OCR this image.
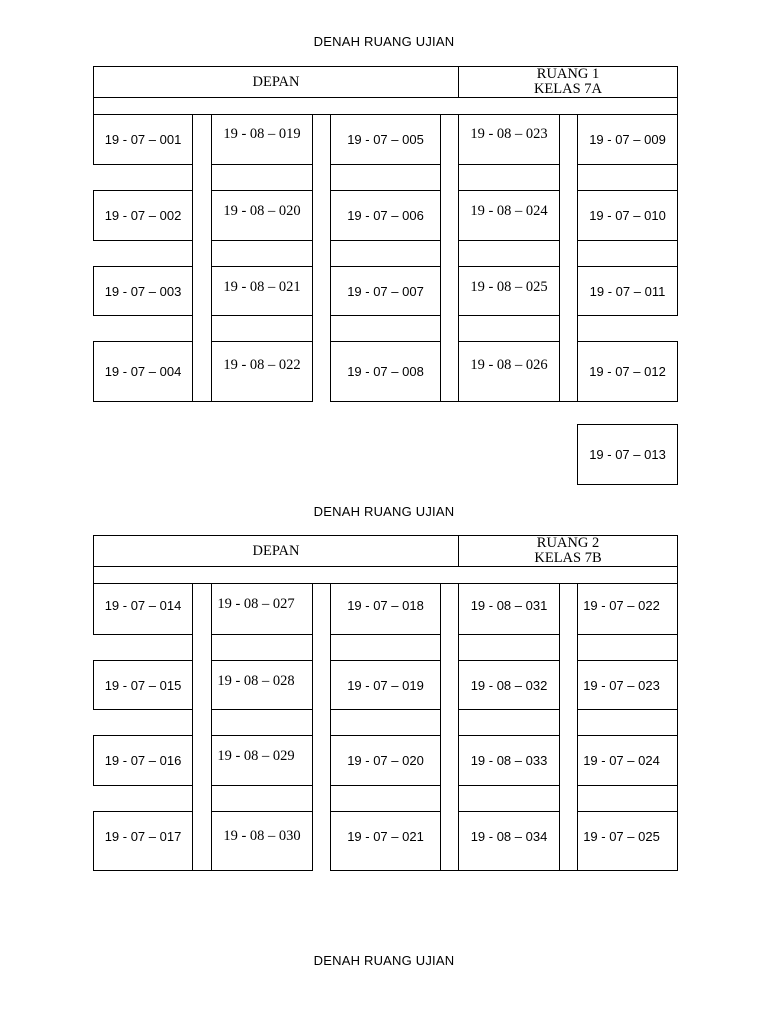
DENAH RUANG UJIAN
DEPAN	RUANG 1
KELAS 7A
19 - 07 – 001
19 - 07 – 002
19 - 07 – 003
19 - 07 – 004
19 - 08 – 019
19 - 08 – 020
19 - 08 – 021
19 - 08 – 022
19 - 07 – 005
19 - 07 – 006
19 - 07 – 007
19 - 07 – 008
19 - 08 – 023
19 - 08 – 024
19 - 08 – 025
19 - 08 – 026
19 - 07 – 009
19 - 07 – 010
19 - 07 – 011
19 - 07 – 012
19 - 07 – 013
DENAH RUANG UJIAN
DEPAN	RUANG 2
KELAS 7B
19 - 07 – 014
19 - 07 – 015
19 - 07 – 016
19 - 07 – 017
19 - 08 – 027
19 - 08 – 028
19 - 08 – 029
19 - 08 – 030
19 - 07 – 018
19 - 07 – 019
19 - 07 – 020
19 - 07 – 021
19 - 08 – 031
19 - 08 – 032
19 - 08 – 033
19 - 08 – 034
19 - 07 – 022
19 - 07 – 023
19 - 07 – 024
19 - 07 – 025
DENAH RUANG UJIAN
